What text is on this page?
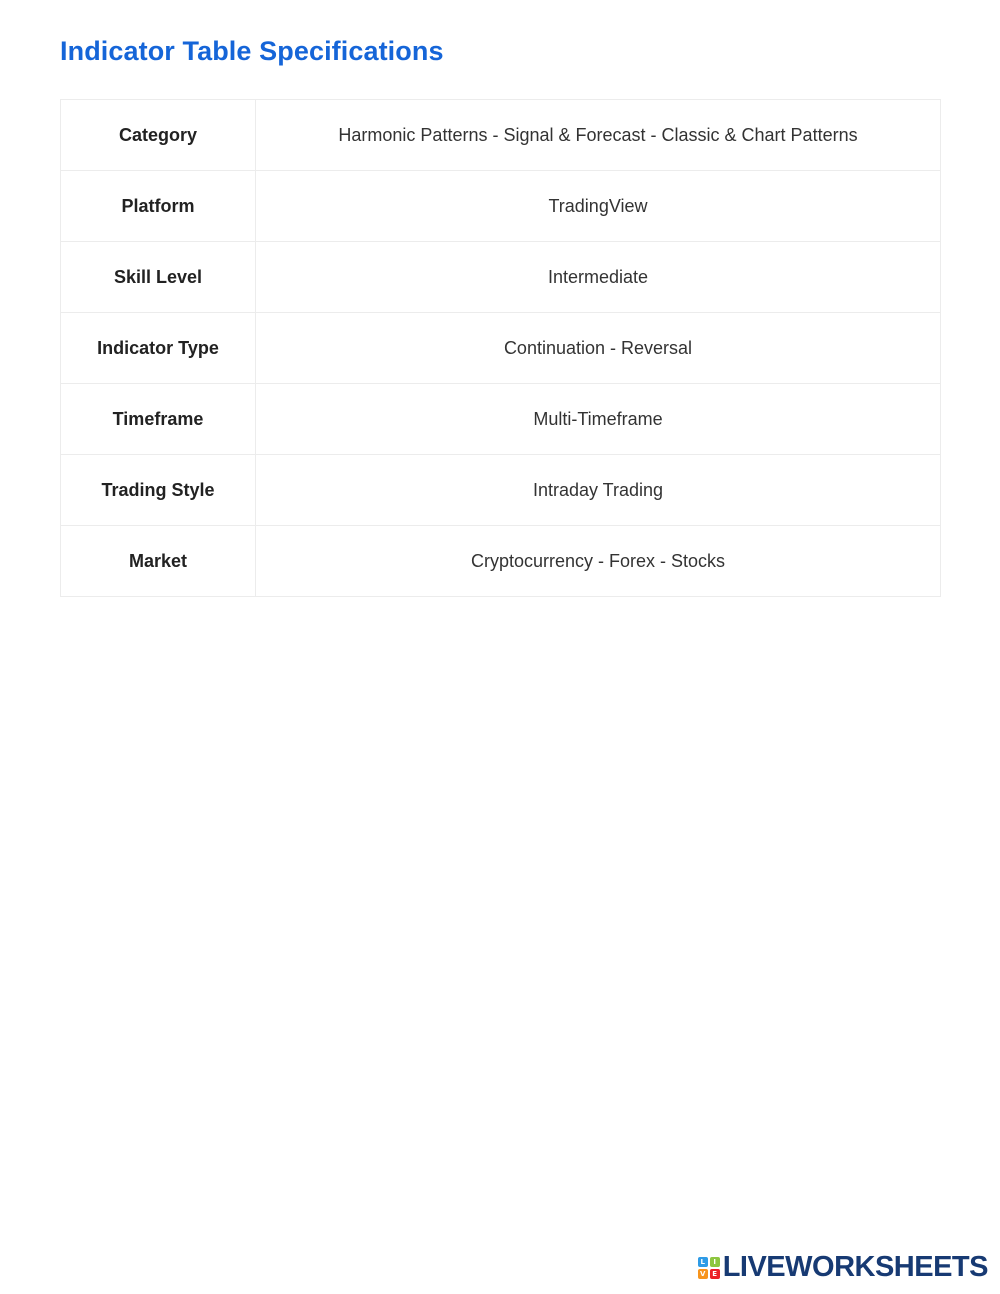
Indicator Table Specifications
Category	Harmonic Patterns - Signal & Forecast - Classic & Chart Patterns
Platform	TradingView
Skill Level	Intermediate
Indicator Type	Continuation - Reversal
Timeframe	Multi-Timeframe
Trading Style	Intraday Trading
Market	Cryptocurrency - Forex - Stocks
L	I
V E LIVEWORKSHEETS
